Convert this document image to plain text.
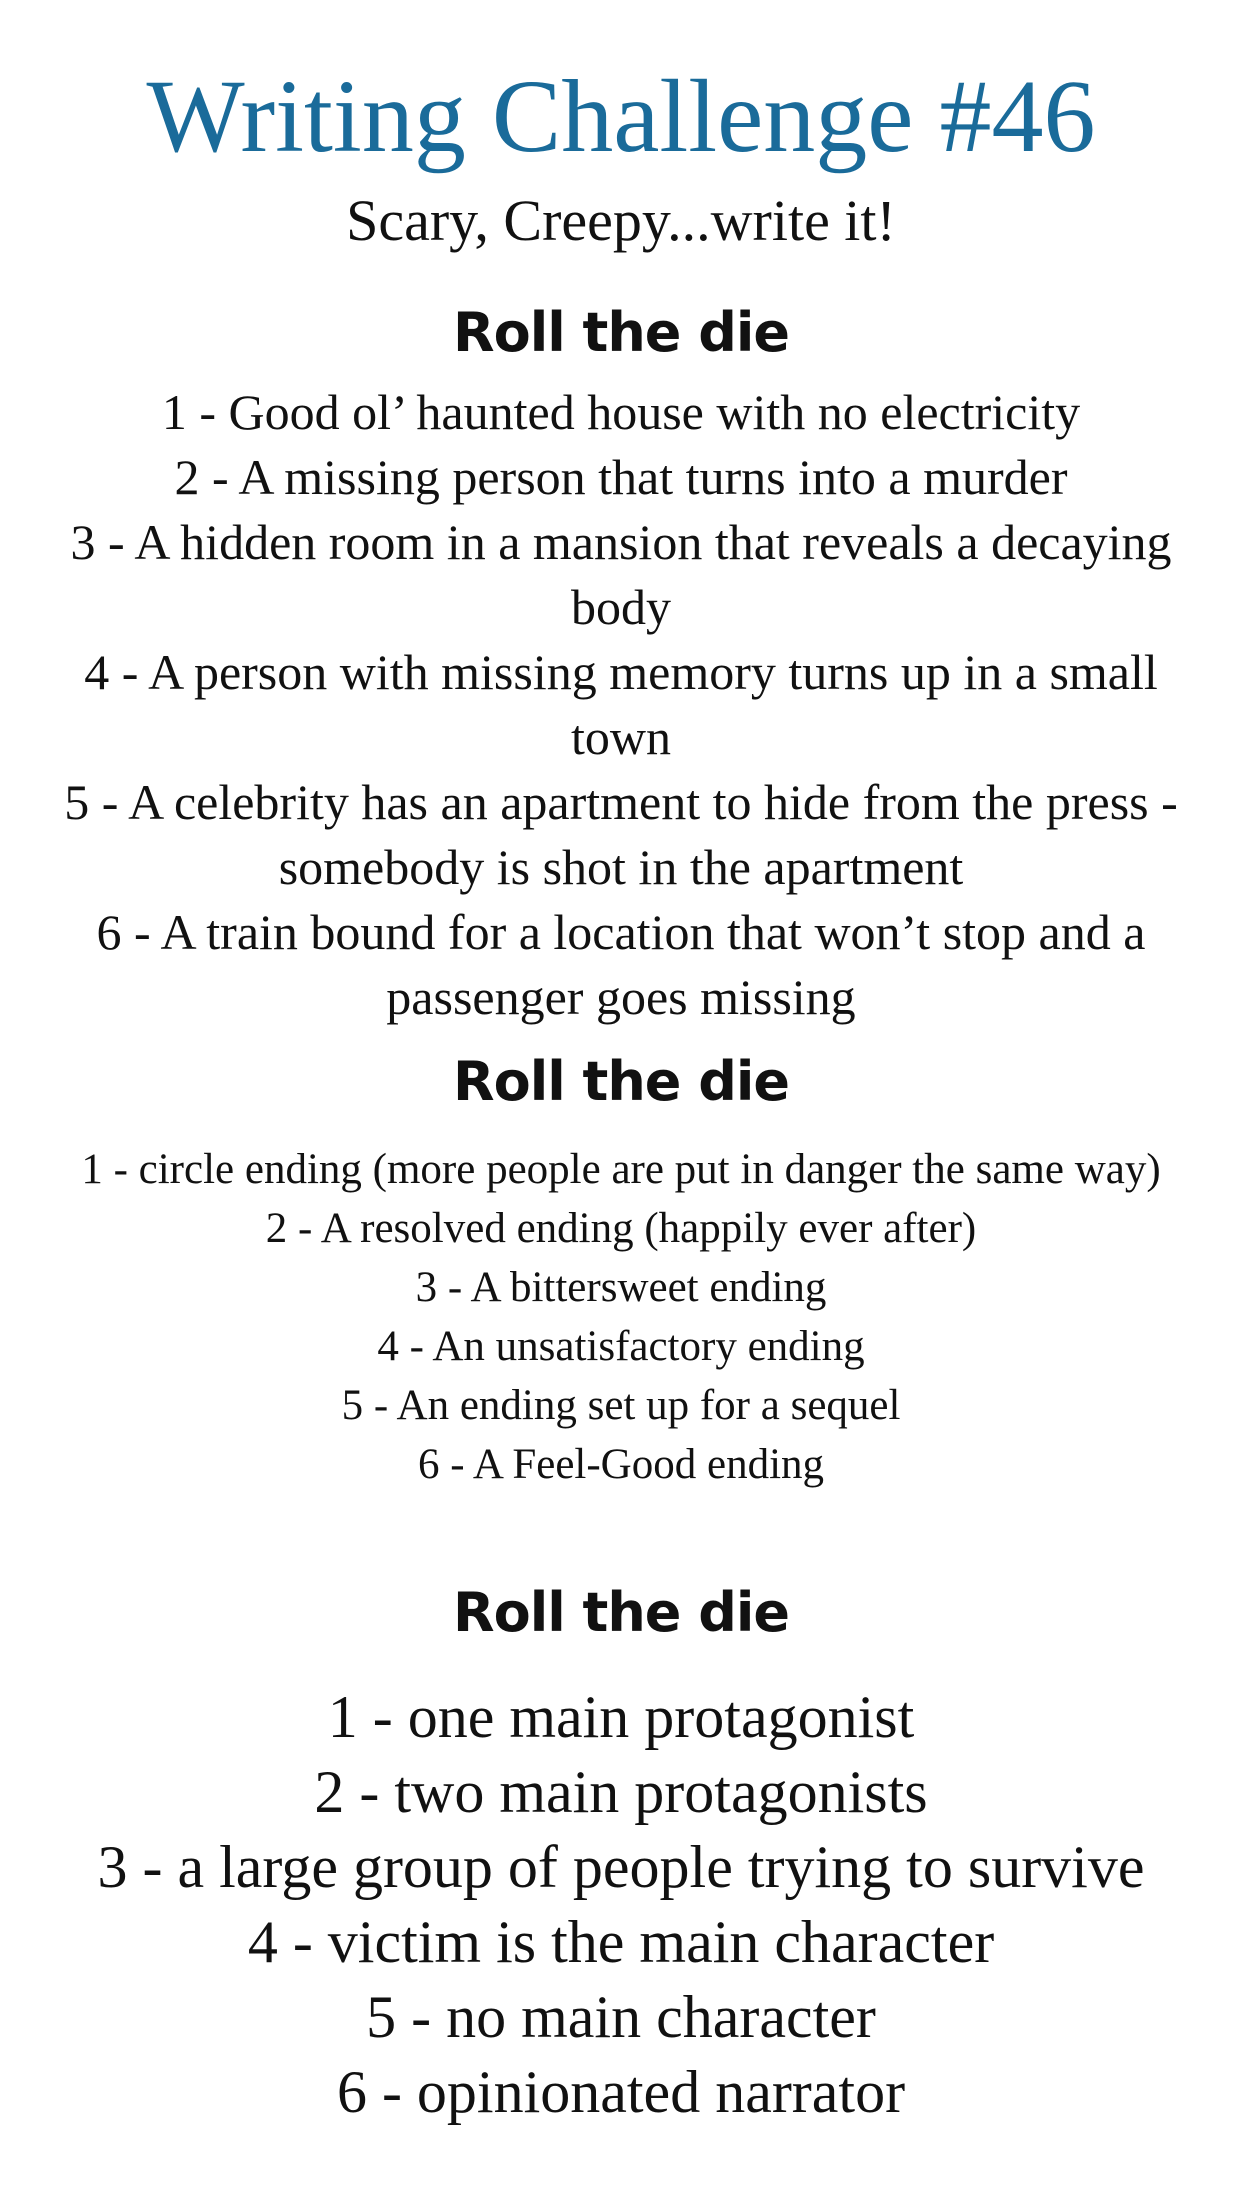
Writing Challenge #46
Scary, Creepy...write it!
Roll the die
1 - Good ol’ haunted house with no electricity
2 - A missing person that turns into a murder
3 - A hidden room in a mansion that reveals a decaying body
4 - A person with missing memory turns up in a small town
5 - A celebrity has an apartment to hide from the press - somebody is shot in the apartment
6 - A train bound for a location that won’t stop and a passenger goes missing
Roll the die
1 - circle ending (more people are put in danger the same way)
2 - A resolved ending (happily ever after)
3 - A bittersweet ending
4 - An unsatisfactory ending
5 - An ending set up for a sequel
6 - A Feel-Good ending
Roll the die
1 - one main protagonist
2 - two main protagonists
3 - a large group of people trying to survive
4 - victim is the main character
5 - no main character
6 - opinionated narrator
